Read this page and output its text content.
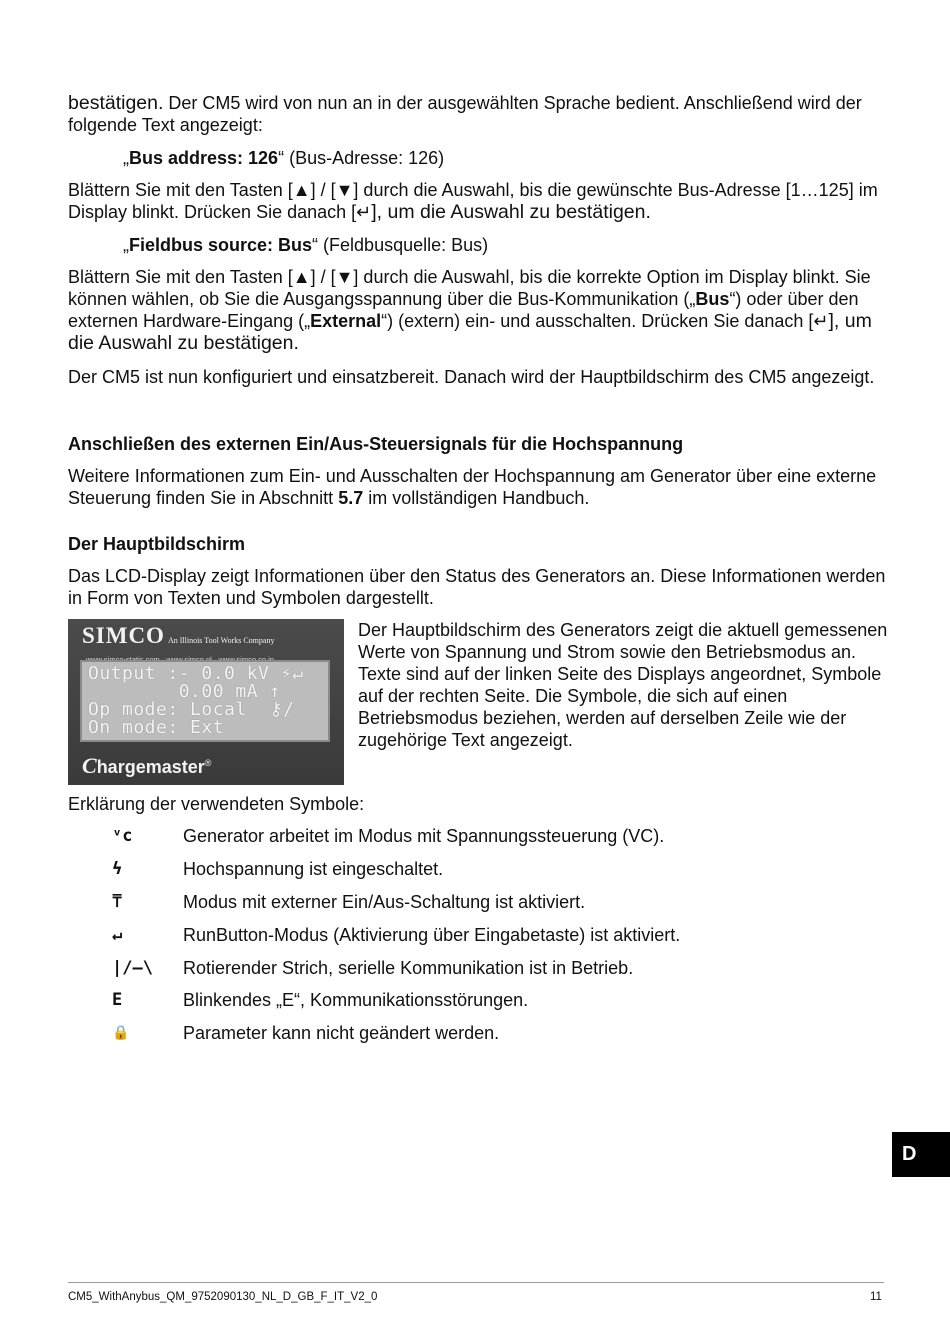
bestätigen. Der CM5 wird von nun an in der ausgewählten Sprache bedient. Anschließend wird der folgende Text angezeigt:
„Bus address: 126“ (Bus-Adresse: 126)
Blättern Sie mit den Tasten [▲] / [▼] durch die Auswahl, bis die gewünschte Bus-Adresse [1…125] im Display blinkt. Drücken Sie danach [↵], um die Auswahl zu bestätigen.
„Fieldbus source: Bus“ (Feldbusquelle: Bus)
Blättern Sie mit den Tasten [▲] / [▼] durch die Auswahl, bis die korrekte Option im Display blinkt. Sie können wählen, ob Sie die Ausgangsspannung über die Bus-Kommunikation („Bus“) oder über den externen Hardware-Eingang („External“) (extern) ein- und ausschalten. Drücken Sie danach [↵], um die Auswahl zu bestätigen.
Der CM5 ist nun konfiguriert und einsatzbereit. Danach wird der Hauptbildschirm des CM5 angezeigt.
Anschließen des externen Ein/Aus-Steuersignals für die Hochspannung
Weitere Informationen zum Ein- und Ausschalten der Hochspannung am Generator über eine externe Steuerung finden Sie in Abschnitt 5.7 im vollständigen Handbuch.
Der Hauptbildschirm
Das LCD-Display zeigt Informationen über den Status des Generators an. Diese Informationen werden in Form von Texten und Symbolen dargestellt.
SIMCO An Illinois Tool Works Company
Output :- 0.0 kV ⚡↵
0.00 mA ↑
Op mode: Local  ⚷/
On mode: Ext
Chargemaster®
Der Hauptbildschirm des Generators zeigt die aktuell gemessenen Werte von Spannung und Strom sowie den Betriebsmodus an. Texte sind auf der linken Seite des Displays angeordnet, Symbole auf der rechten Seite. Die Symbole, die sich auf einen Betriebsmodus beziehen, werden auf derselben Zeile wie der zugehörige Text angezeigt.
Erklärung der verwendeten Symbole:
ᵛc	Generator arbeitet im Modus mit Spannungssteuerung (VC).
ϟ	Hochspannung ist eingeschaltet.
⍑	Modus mit externer Ein/Aus-Schaltung ist aktiviert.
↵	RunButton-Modus (Aktivierung über Eingabetaste) ist aktiviert.
|/–\	Rotierender Strich, serielle Kommunikation ist in Betrieb.
E	Blinkendes „E“, Kommunikationsstörungen.
🔒	Parameter kann nicht geändert werden.
D
CM5_WithAnybus_QM_9752090130_NL_D_GB_F_IT_V2_0	11
